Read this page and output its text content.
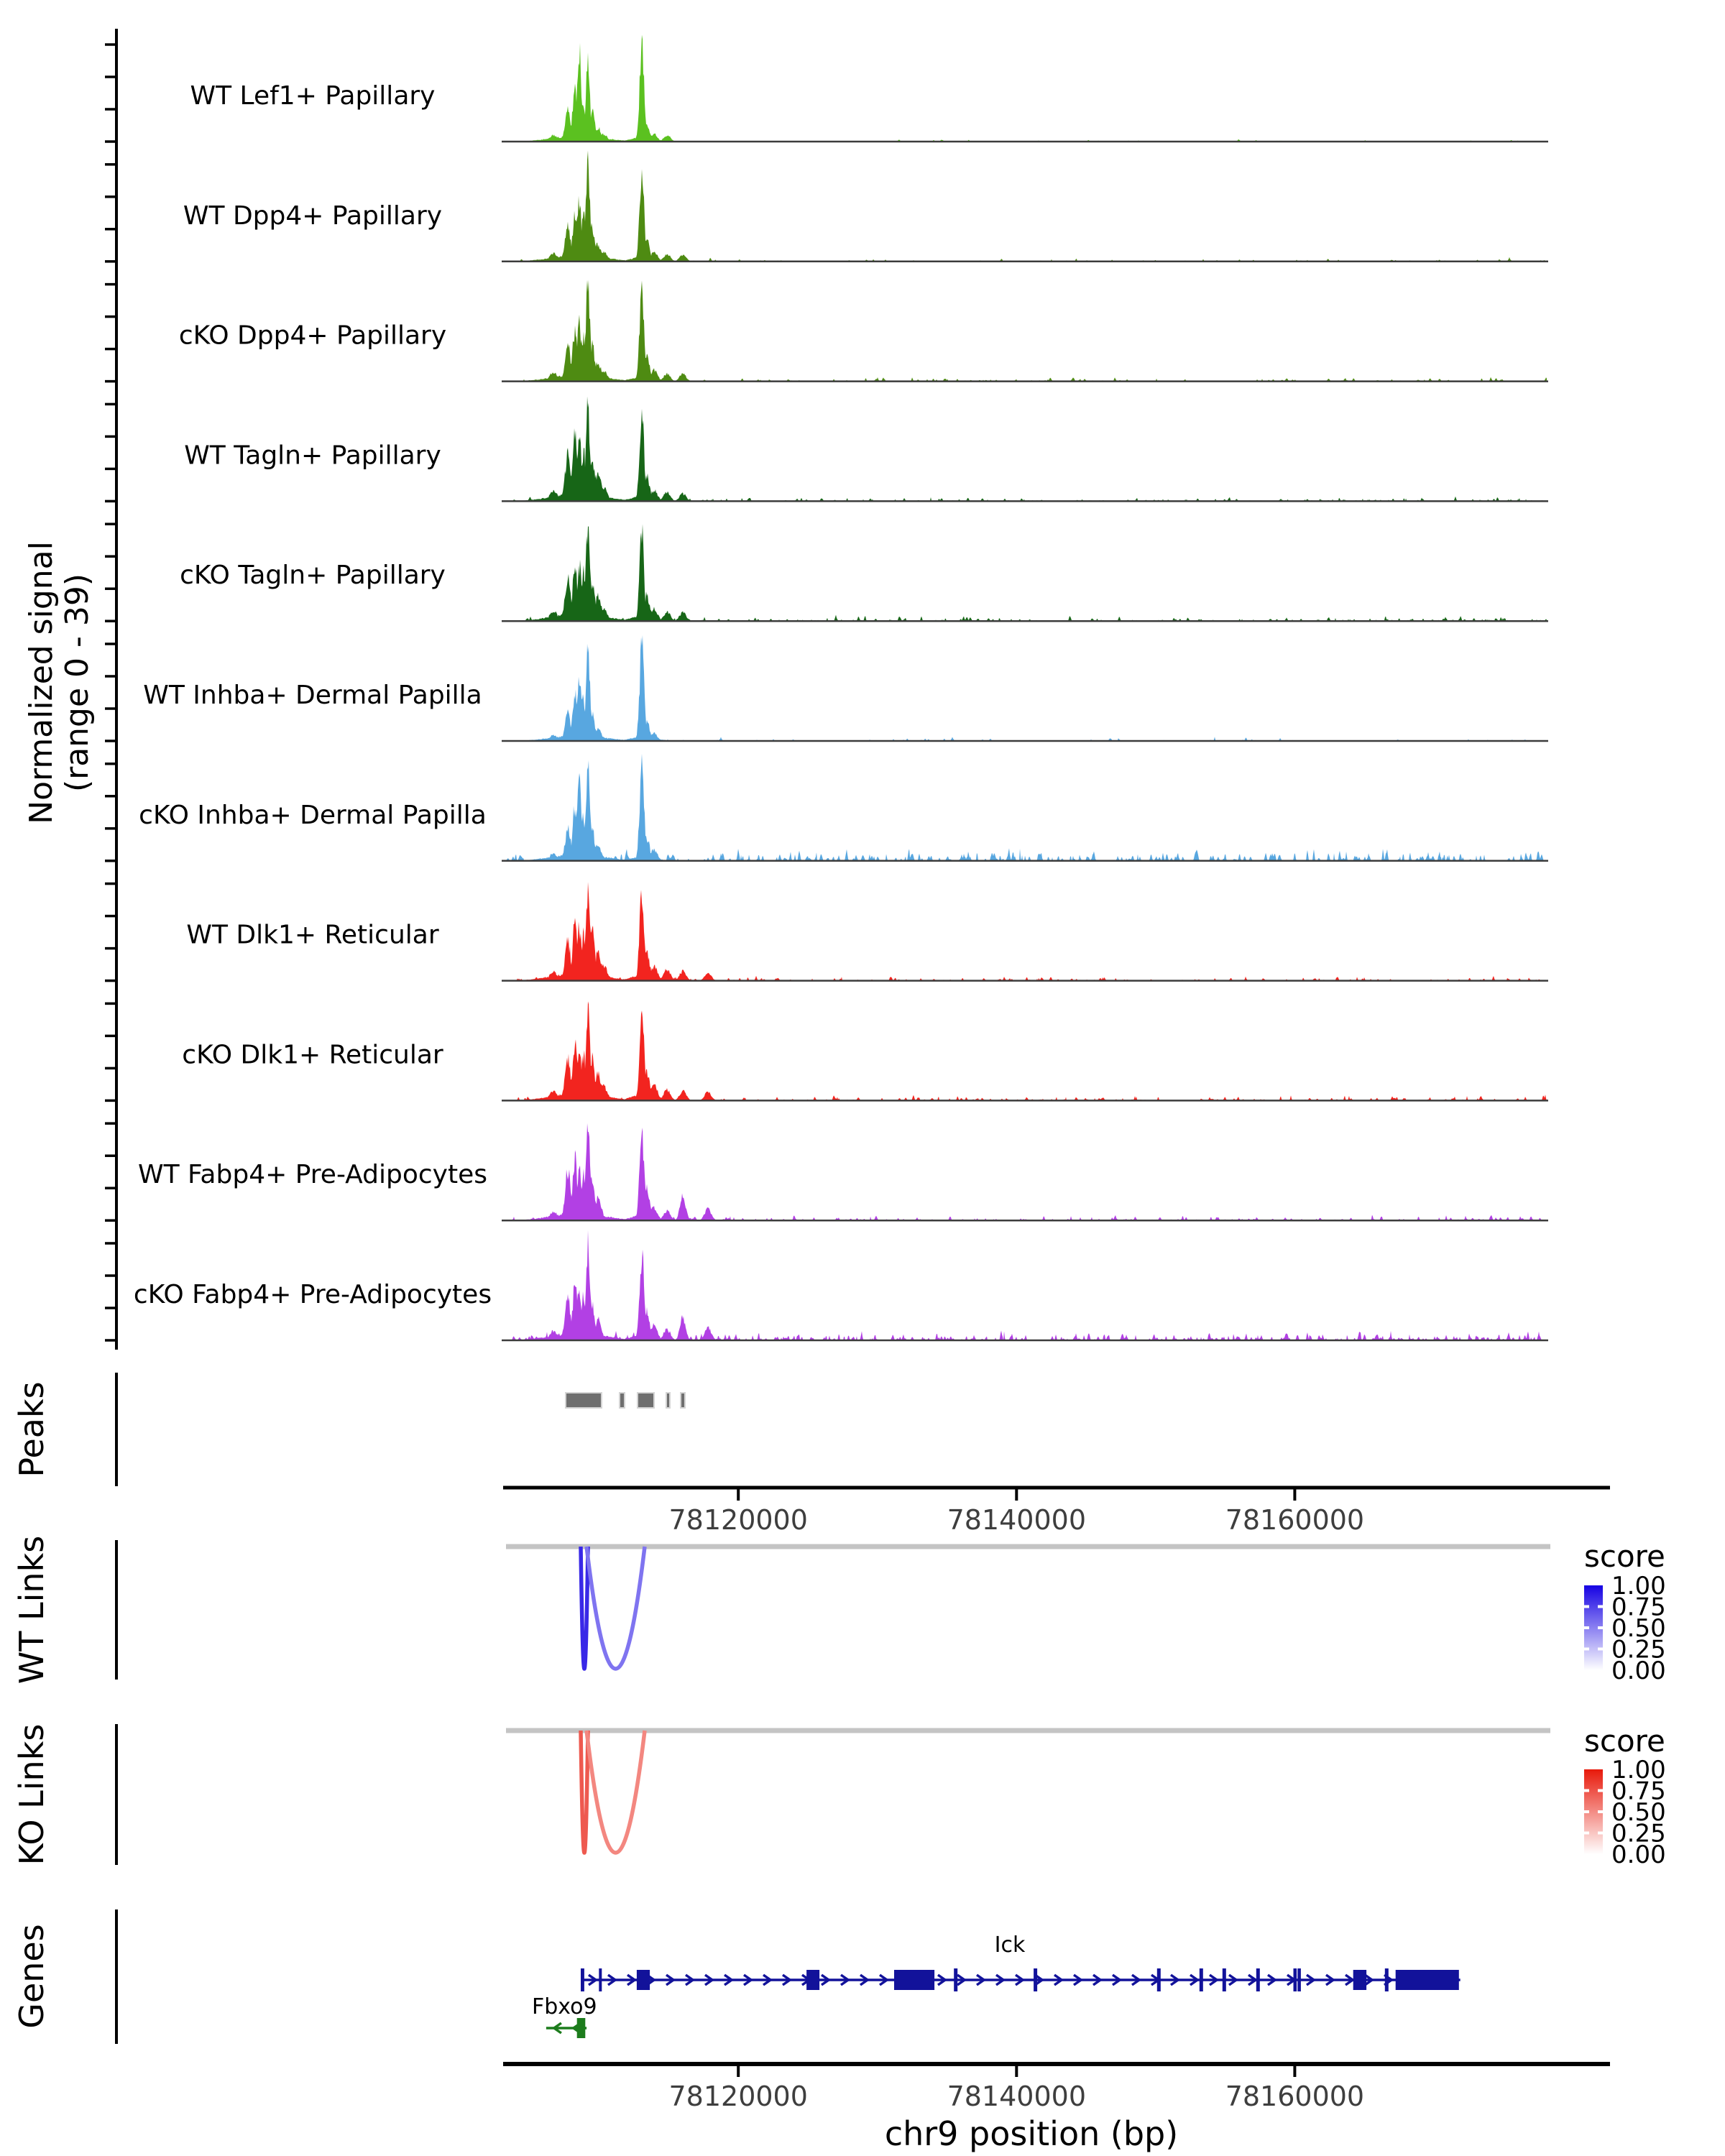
Normalized signal (range 0 - 39)
WT Lef1+ Papillary
WT Dpp4+ Papillary
cKO Dpp4+ Papillary
WT Tagln+ Papillary
cKO Tagln+ Papillary
WT Inhba+ Dermal Papilla
cKO Inhba+ Dermal Papilla
WT Dlk1+ Reticular
cKO Dlk1+ Reticular
WT Fabp4+ Pre-Adipocytes
cKO Fabp4+ Pre-Adipocytes
Peaks
WT Links
KO Links
Genes
78120000	78140000	78160000
Ick
Fbxo9
78120000	78140000	78160000
score
1.00
0.75
0.50
0.25
0.00
score
1.00
0.75
0.50
0.25
0.00
chr9 position (bp)
